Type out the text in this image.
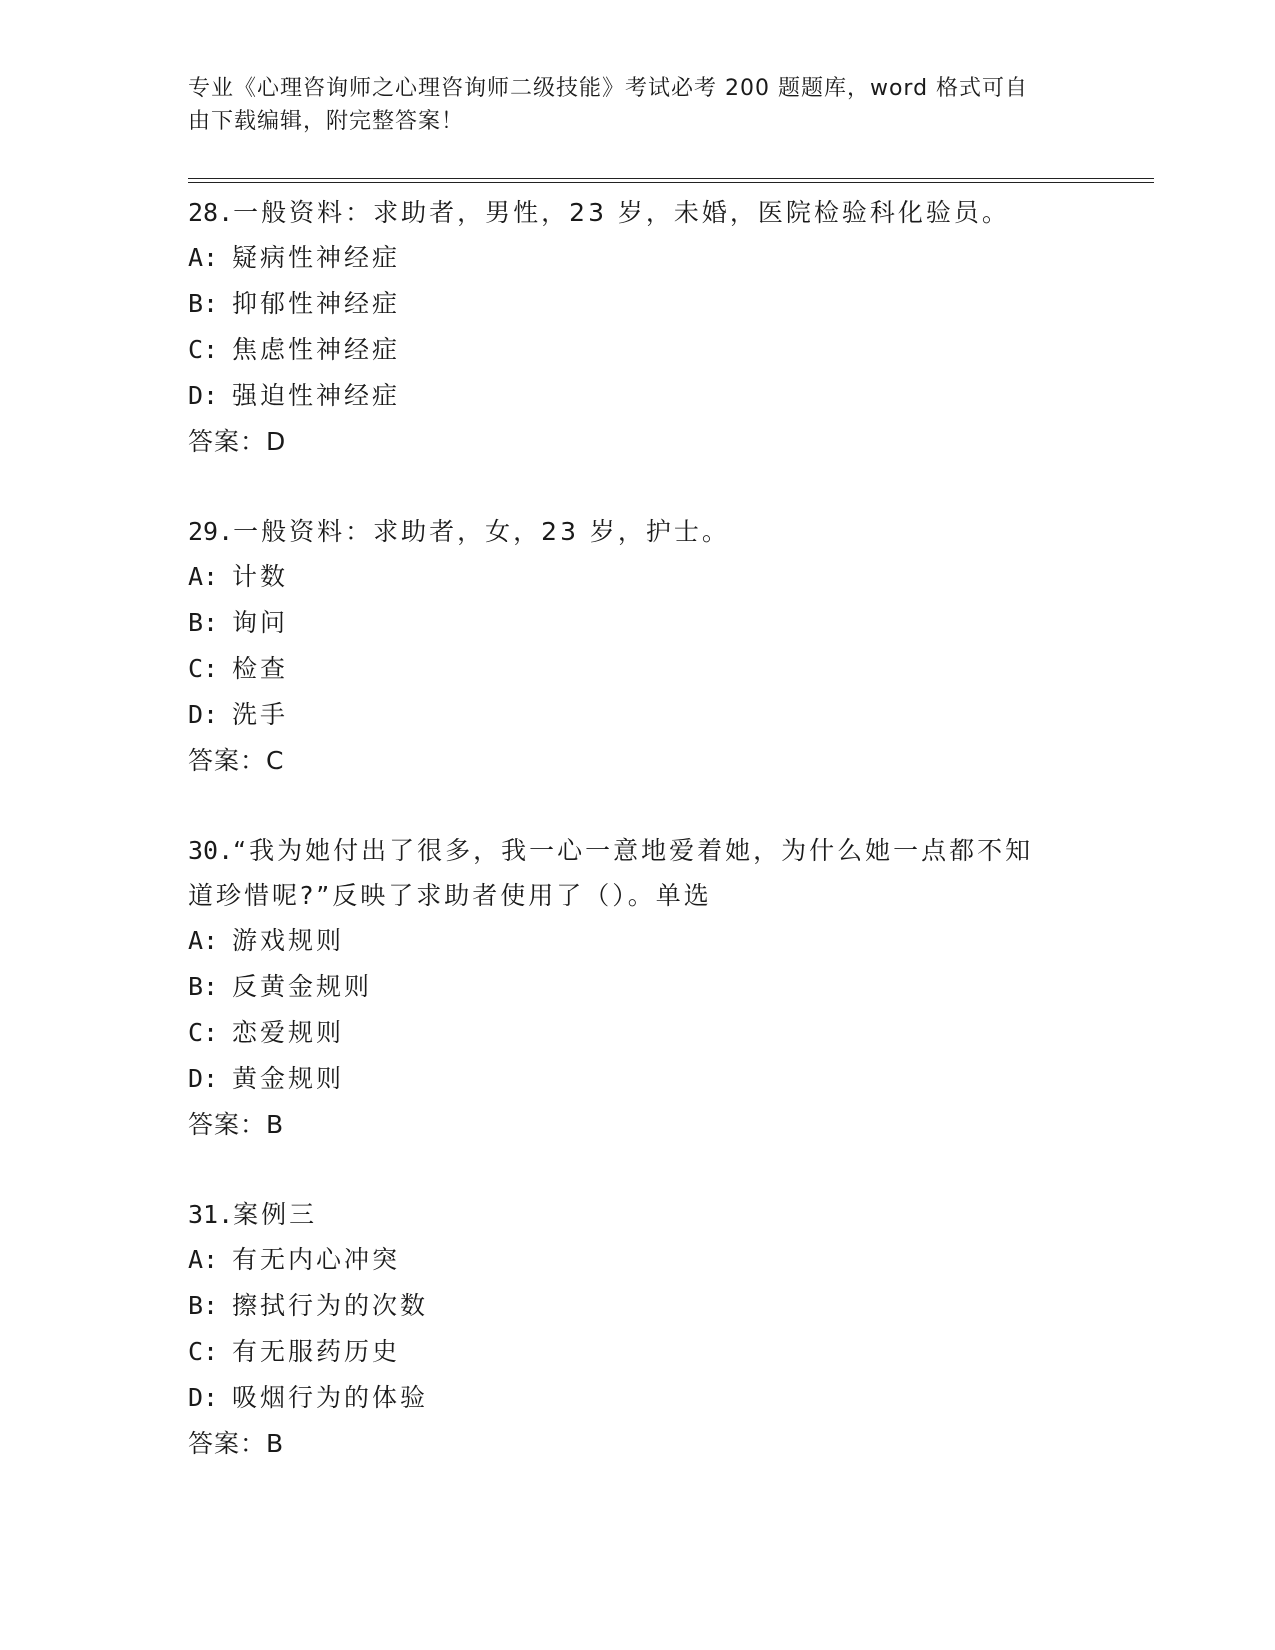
专业《心理咨询师之心理咨询师二级技能》考试必考 200 题题库，word 格式可自
由下载编辑，附完整答案！
28.一般资料：求助者，男性，23 岁，未婚，医院检验科化验员。
A: 疑病性神经症
B: 抑郁性神经症
C: 焦虑性神经症
D: 强迫性神经症
答案：D
29.一般资料：求助者，女，23 岁，护士。
A: 计数
B: 询问
C: 检查
D: 洗手
答案：C
30.“我为她付出了很多，我一心一意地爱着她，为什么她一点都不知
道珍惜呢?”反映了求助者使用了（）。单选
A: 游戏规则
B: 反黄金规则
C: 恋爱规则
D: 黄金规则
答案：B
31.案例三
A: 有无内心冲突
B: 擦拭行为的次数
C: 有无服药历史
D: 吸烟行为的体验
答案：B
